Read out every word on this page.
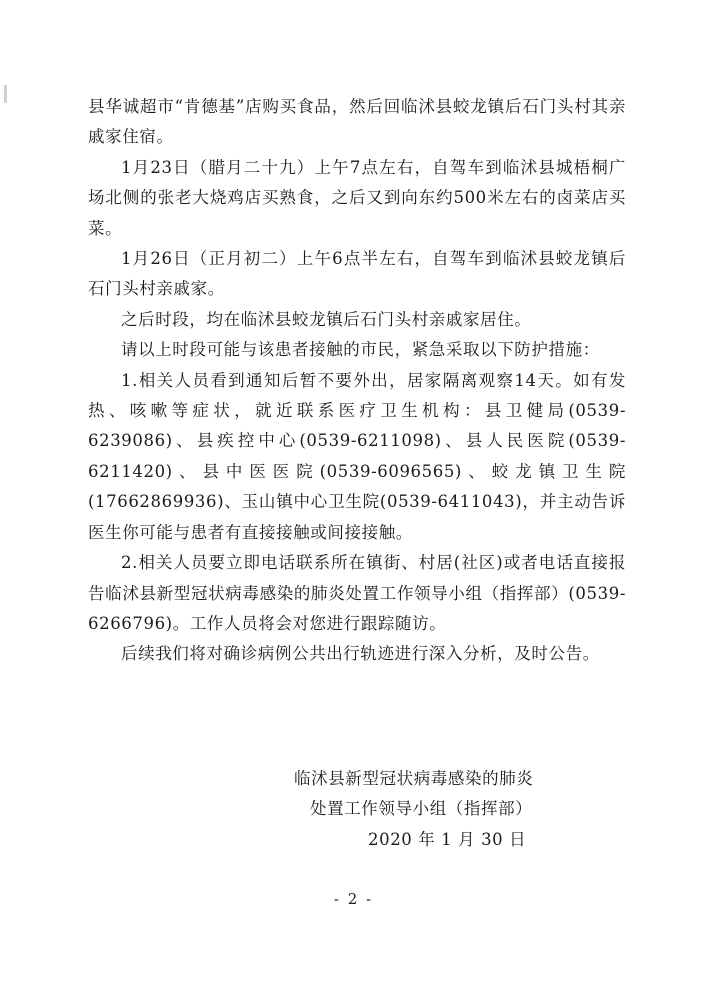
县华诚超市“肯德基”店购买食品，然后回临沭县蛟龙镇后石门头村其亲戚家住宿。

1月23日（腊月二十九）上午7点左右，自驾车到临沭县城梧桐广场北侧的张老大烧鸡店买熟食，之后又到向东约500米左右的卤菜店买菜。

1月26日（正月初二）上午6点半左右，自驾车到临沭县蛟龙镇后石门头村亲戚家。

之后时段，均在临沭县蛟龙镇后石门头村亲戚家居住。

请以上时段可能与该患者接触的市民，紧急采取以下防护措施：

1.相关人员看到通知后暂不要外出，居家隔离观察14天。如有发热、咳嗽等症状，就近联系医疗卫生机构：县卫健局(0539-6239086)、县疾控中心(0539-6211098)、县人民医院(0539-6211420)、县中医医院(0539-6096565)、蛟龙镇卫生院(17662869936)、玉山镇中心卫生院(0539-6411043)，并主动告诉医生你可能与患者有直接接触或间接接触。

2.相关人员要立即电话联系所在镇街、村居(社区)或者电话直接报告临沭县新型冠状病毒感染的肺炎处置工作领导小组（指挥部）(0539-6266796)。工作人员将会对您进行跟踪随访。

后续我们将对确诊病例公共出行轨迹进行深入分析，及时公告。

临沭县新型冠状病毒感染的肺炎
处置工作领导小组（指挥部）
2020 年 1 月 30 日
- 2 -
